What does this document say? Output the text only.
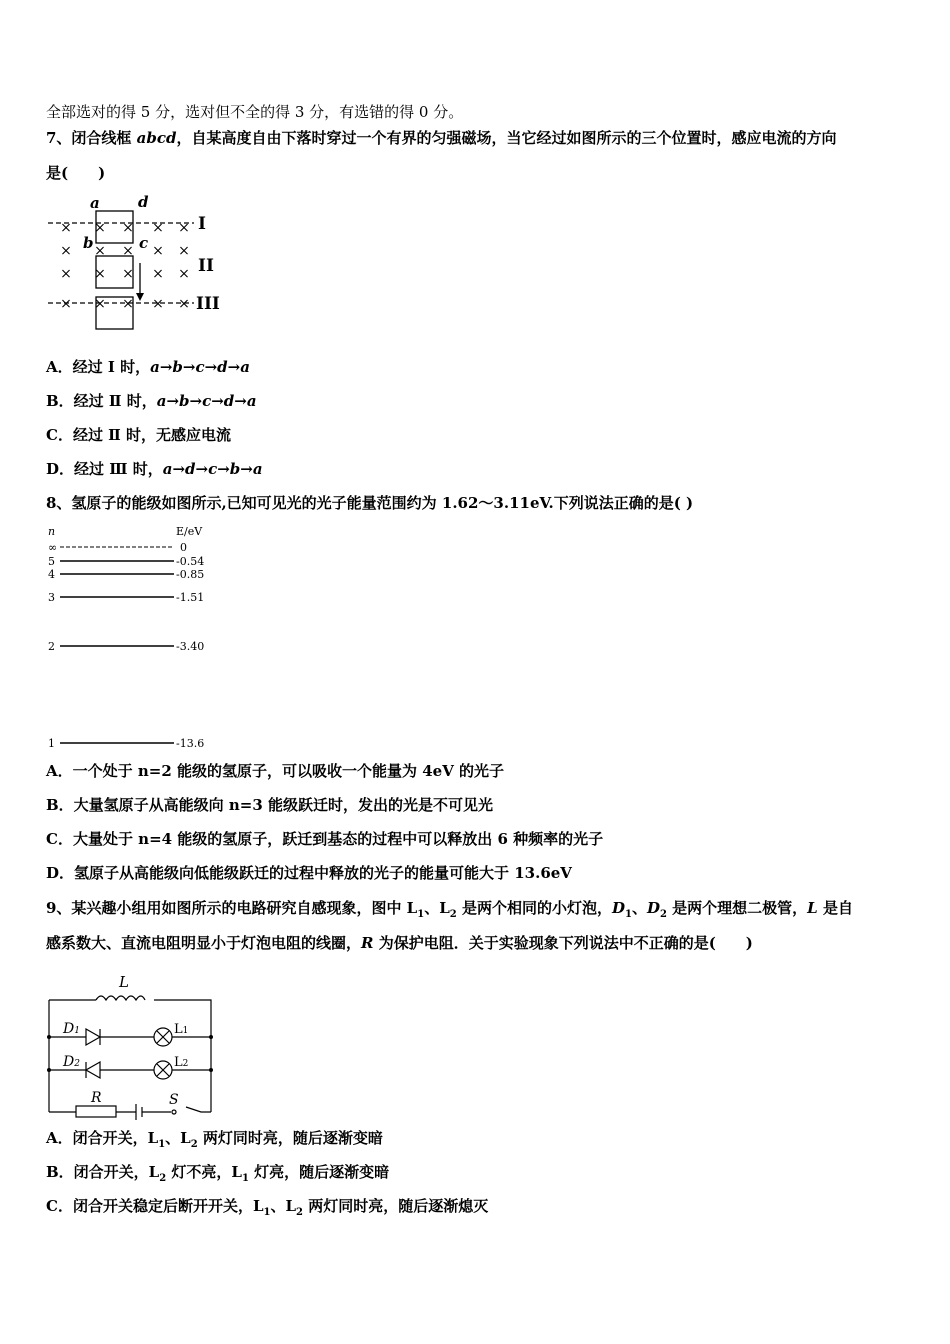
全部选对的得 5 分，选对但不全的得 3 分，有选错的得 0 分。
7、闭合线框 abcd，自某高度自由下落时穿过一个有界的匀强磁场，当它经过如图所示的三个位置时，感应电流的方向
是(　　)
A．经过 Ⅰ 时，a→b→c→d→a
B．经过 Ⅱ 时，a→b→c→d→a
C．经过 Ⅱ 时，无感应电流
D．经过 Ⅲ 时，a→d→c→b→a
8、氢原子的能级如图所示,已知可见光的光子能量范围约为 1.62～3.11eV.下列说法正确的是( )
A．一个处于 n=2 能级的氢原子，可以吸收一个能量为 4eV 的光子
B．大量氢原子从高能级向 n=3 能级跃迁时，发出的光是不可见光
C．大量处于 n=4 能级的氢原子，跃迁到基态的过程中可以释放出 6 种频率的光子
D．氢原子从高能级向低能级跃迁的过程中释放的光子的能量可能大于 13.6eV
9、某兴趣小组用如图所示的电路研究自感现象，图中 $L_1$、$L_2$ 是两个相同的小灯泡，$D_1$、$D_2$ 是两个理想二极管，L 是自
感系数大、直流电阻明显小于灯泡电阻的线圈，R 为保护电阻．关于实验现象下列说法中不正确的是(　　)
A．闭合开关，$L_1$、$L_2$ 两灯同时亮，随后逐渐变暗
B．闭合开关，$L_2$ 灯不亮，$L_1$ 灯亮，随后逐渐变暗
C．闭合开关稳定后断开开关，$L_1$、$L_2$ 两灯同时亮，随后逐渐熄灭
× × × × ×
× × × × ×
× × × × ×
× × × × ×
a	d
b	c
I
II
III
n	E/eV
∞	0
5	-0.54
4	-0.85
3	-1.51
2	-3.40
1	-13.6
L
D1
D2
L1
L2
R	S
